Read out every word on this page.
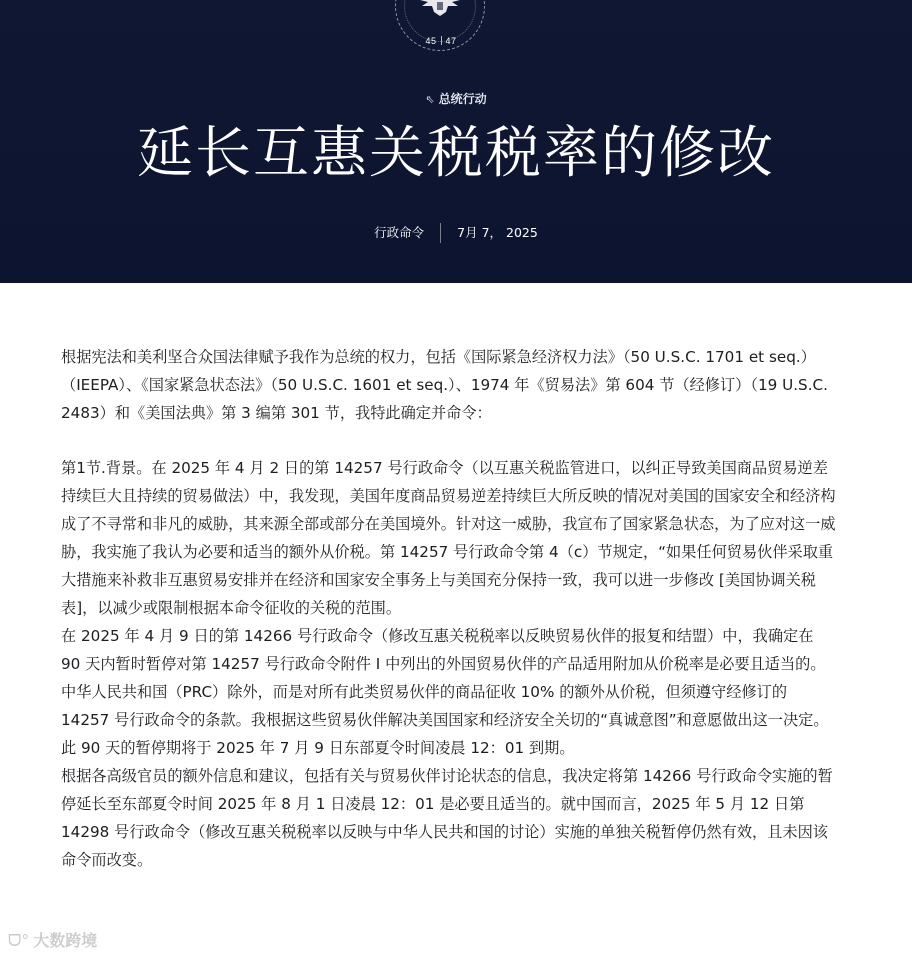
45 47
⇖ 总统行动
延长互惠关税税率的修改
行政命令	7月 7， 2025

根据宪法和美利坚合众国法律赋予我作为总统的权力，包括《国际紧急经济权力法》（50 U.S.C. 1701 et seq.）（IEEPA）、《国家紧急状态法》（50 U.S.C. 1601 et seq.）、1974 年《贸易法》第 604 节（经修订）（19 U.S.C. 2483）和《美国法典》第 3 编第 301 节，我特此确定并命令：

第1节.背景。在 2025 年 4 月 2 日的第 14257 号行政命令（以互惠关税监管进口，以纠正导致美国商品贸易逆差持续巨大且持续的贸易做法）中，我发现，美国年度商品贸易逆差持续巨大所反映的情况对美国的国家安全和经济构成了不寻常和非凡的威胁，其来源全部或部分在美国境外。针对这一威胁，我宣布了国家紧急状态，为了应对这一威胁，我实施了我认为必要和适当的额外从价税。第 14257 号行政命令第 4（c）节规定，“如果任何贸易伙伴采取重大措施来补救非互惠贸易安排并在经济和国家安全事务上与美国充分保持一致，我可以进一步修改 [美国协调关税表]，以减少或限制根据本命令征收的关税的范围。

在 2025 年 4 月 9 日的第 14266 号行政命令（修改互惠关税税率以反映贸易伙伴的报复和结盟）中，我确定在 90 天内暂时暂停对第 14257 号行政命令附件 I 中列出的外国贸易伙伴的产品适用附加从价税率是必要且适当的。 中华人民共和国（PRC）除外，而是对所有此类贸易伙伴的商品征收 10% 的额外从价税，但须遵守经修订的 14257 号行政命令的条款。我根据这些贸易伙伴解决美国国家和经济安全关切的“真诚意图”和意愿做出这一决定。此 90 天的暂停期将于 2025 年 7 月 9 日东部夏令时间凌晨 12：01 到期。

根据各高级官员的额外信息和建议，包括有关与贸易伙伴讨论状态的信息，我决定将第 14266 号行政命令实施的暂停延长至东部夏令时间 2025 年 8 月 1 日凌晨 12：01 是必要且适当的。就中国而言，2025 年 5 月 12 日第 14298 号行政命令（修改互惠关税税率以反映与中华人民共和国的讨论）实施的单独关税暂停仍然有效，且未因该命令而改变。

ᗜ° 大数跨境
